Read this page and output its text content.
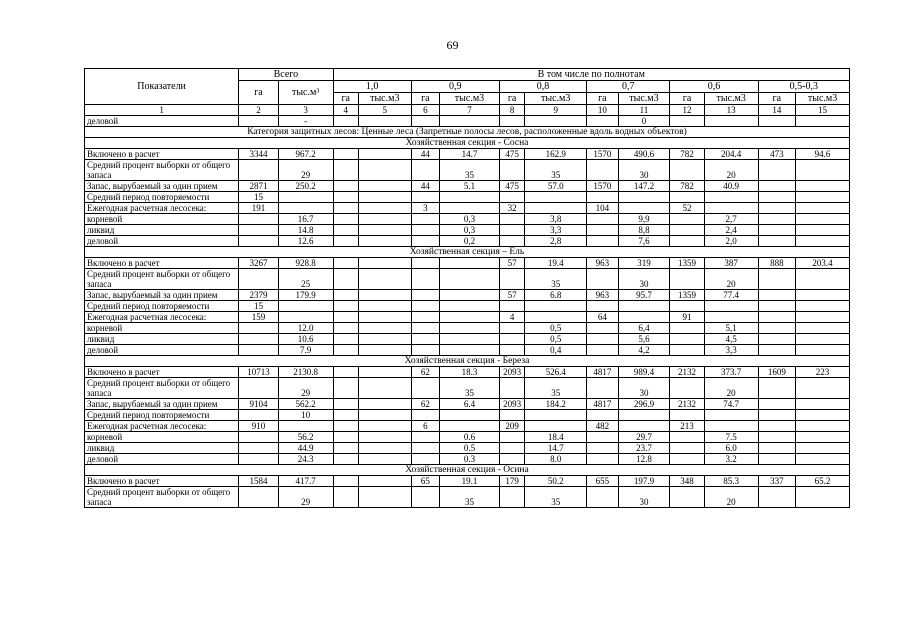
69
Показатели	Всего		В том числе по полнотам											
	га	тыс.м³	1,0		0,9		0,8		0,7		0,6		0,5-0,3	
			га	тыс.м3	га	тыс.м3	га	тыс.м3	га	тыс.м3	га	тыс.м3	га	тыс.м3
1	2	3	4	5	6	7	8	9	10	11	12	13	14	15
деловой		-								0				
Категория защитных лесов: Ценные леса (Запретные полосы лесов, расположенные вдоль водных объектов)														
Хозяйственная секция - Сосна														
Включено в расчет	3344	967.2			44	14.7	475	162.9	1570	490.6	782	204.4	473	94.6
Средний процент выборки от общего запаса		29				35		35		30		20		
Запас, вырубаемый за один прием	2871	250.2			44	5.1	475	57.0	1570	147.2	782	40.9		
Средний период повторяемости	15													
Ежегодная расчетная лесосека:	191				3		32		104		52			
корневой		16.7				0,3		3,8		9,9		2,7		
ликвид		14.8				0,3		3,3		8,8		2,4		
деловой		12.6				0,2		2,8		7,6		2,0		
Хозяйственная секция – Ель														
Включено в расчет	3267	928.8					57	19.4	963	319	1359	387	888	203.4
Средний процент выборки от общего запаса		25						35		30		20		
Запас, вырубаемый за один прием	2379	179.9					57	6.8	963	95.7	1359	77.4		
Средний период повторяемости	15													
Ежегодная расчетная лесосека:	159						4		64		91			
корневой		12.0						0,5		6,4		5,1		
ликвид		10.6						0,5		5,6		4,5		
деловой		7.9						0,4		4,2		3,3		
Хозяйственная секция - Береза														
Включено в расчет	10713	2130.8			62	18.3	2093	526.4	4817	989.4	2132	373.7	1609	223
Средний процент выборки от общего запаса		29				35		35		30		20		
Запас, вырубаемый за один прием	9104	562.2			62	6.4	2093	184.2	4817	296.9	2132	74.7		
Средний период повторяемости		10												
Ежегодная расчетная лесосека:	910				6		209		482		213			
корневой		56.2				0.6		18.4		29.7		7.5		
ликвид		44.9				0.5		14.7		23.7		6.0		
деловой		24.3				0.3		8.0		12.8		3.2		
Хозяйственная секция - Осина														
Включено в расчет	1584	417.7			65	19.1	179	50.2	655	197.9	348	85.3	337	65.2
Средний процент выборки от общего запаса		29				35		35		30		20		
